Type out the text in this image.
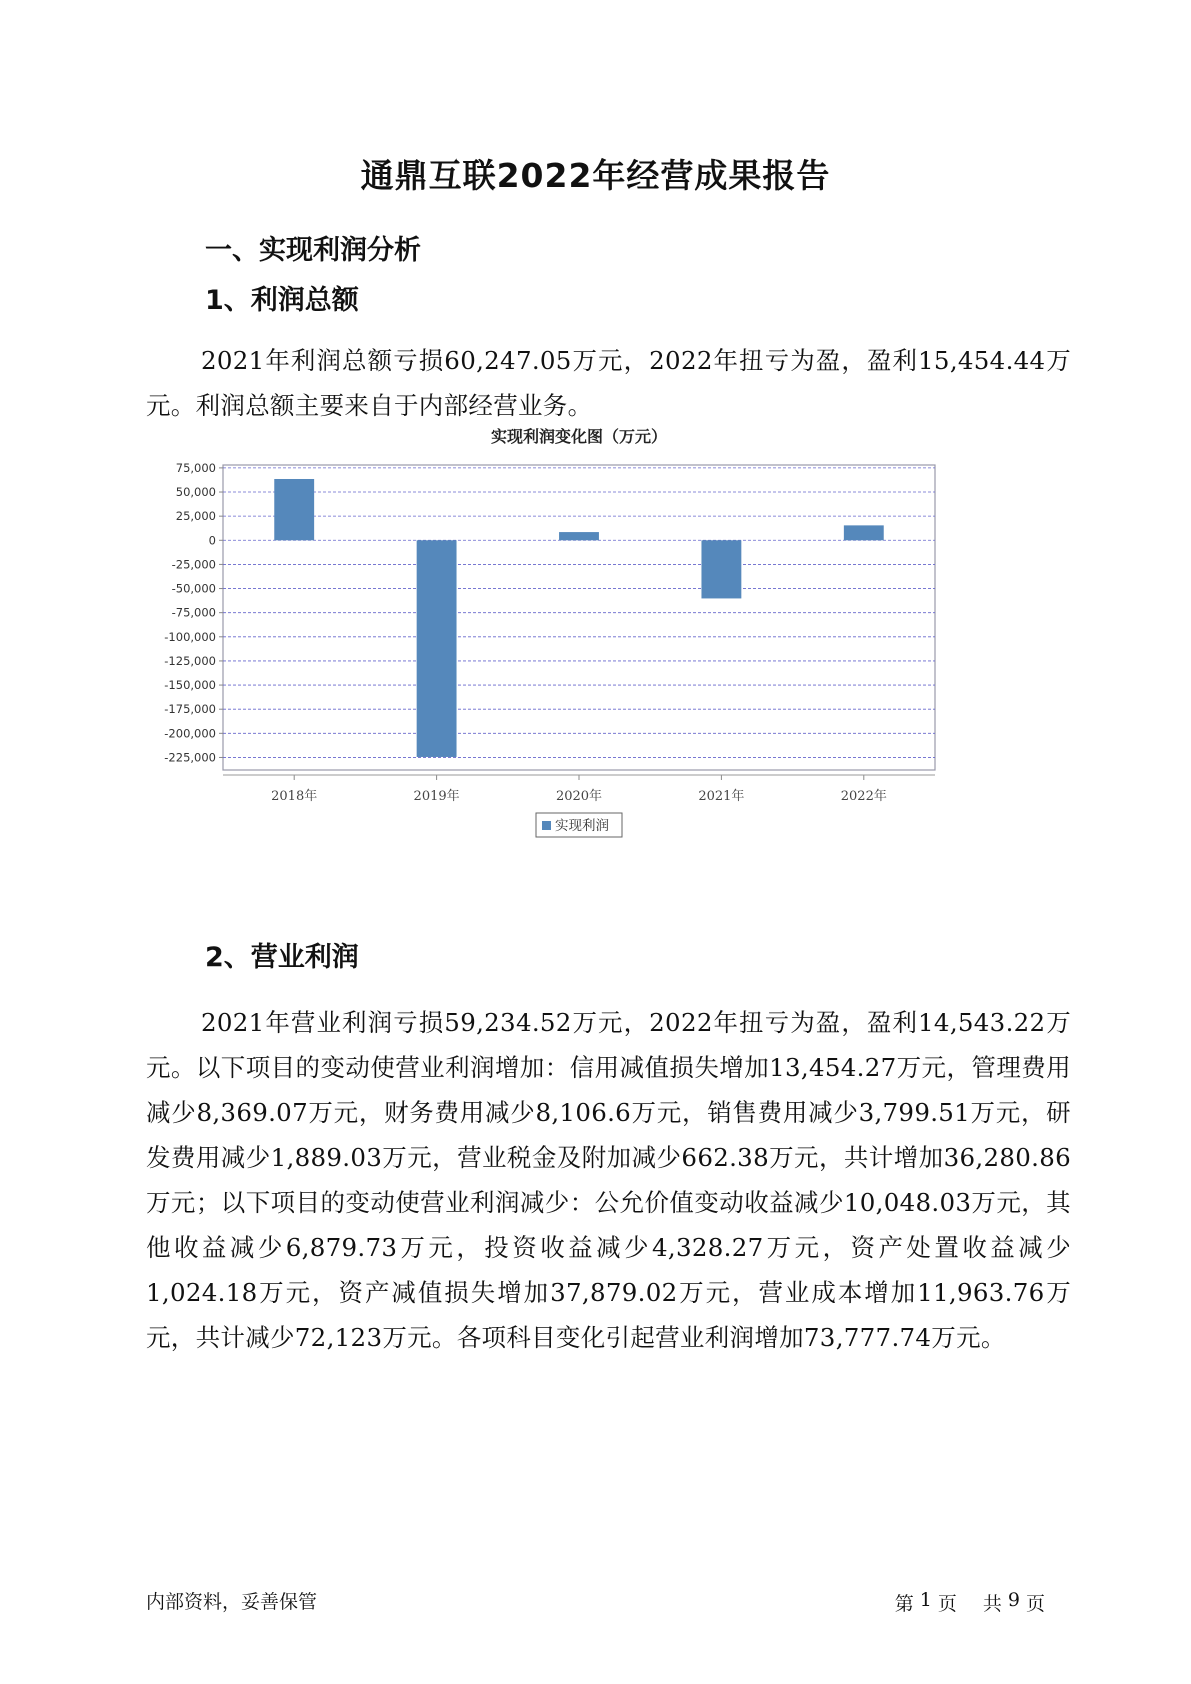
通鼎互联2022年经营成果报告
一、实现利润分析
1、利润总额

2021年利润总额亏损60,247.05万元，2022年扭亏为盈，盈利15,454.44万元。利润总额主要来自于内部经营业务。

实现利润变化图（万元）
75,000
50,000
25,000
0
-25,000
-50,000
-75,000
-100,000
-125,000
-150,000
-175,000
-200,000
-225,000
2018年	2019年	2020年	2021年	2022年
实现利润
2、营业利润

2021年营业利润亏损59,234.52万元，2022年扭亏为盈，盈利14,543.22万元。以下项目的变动使营业利润增加：信用减值损失增加13,454.27万元，管理费用减少8,369.07万元，财务费用减少8,106.6万元，销售费用减少3,799.51万元，研发费用减少1,889.03万元，营业税金及附加减少662.38万元，共计增加36,280.86万元；以下项目的变动使营业利润减少：公允价值变动收益减少10,048.03万元，其他收益减少6,879.73万元，投资收益减少4,328.27万元，资产处置收益减少1,024.18万元，资产减值损失增加37,879.02万元，营业成本增加11,963.76万元，共计减少72,123万元。各项科目变化引起营业利润增加73,777.74万元。

内部资料，妥善保管	第 1 页 共 9 页
